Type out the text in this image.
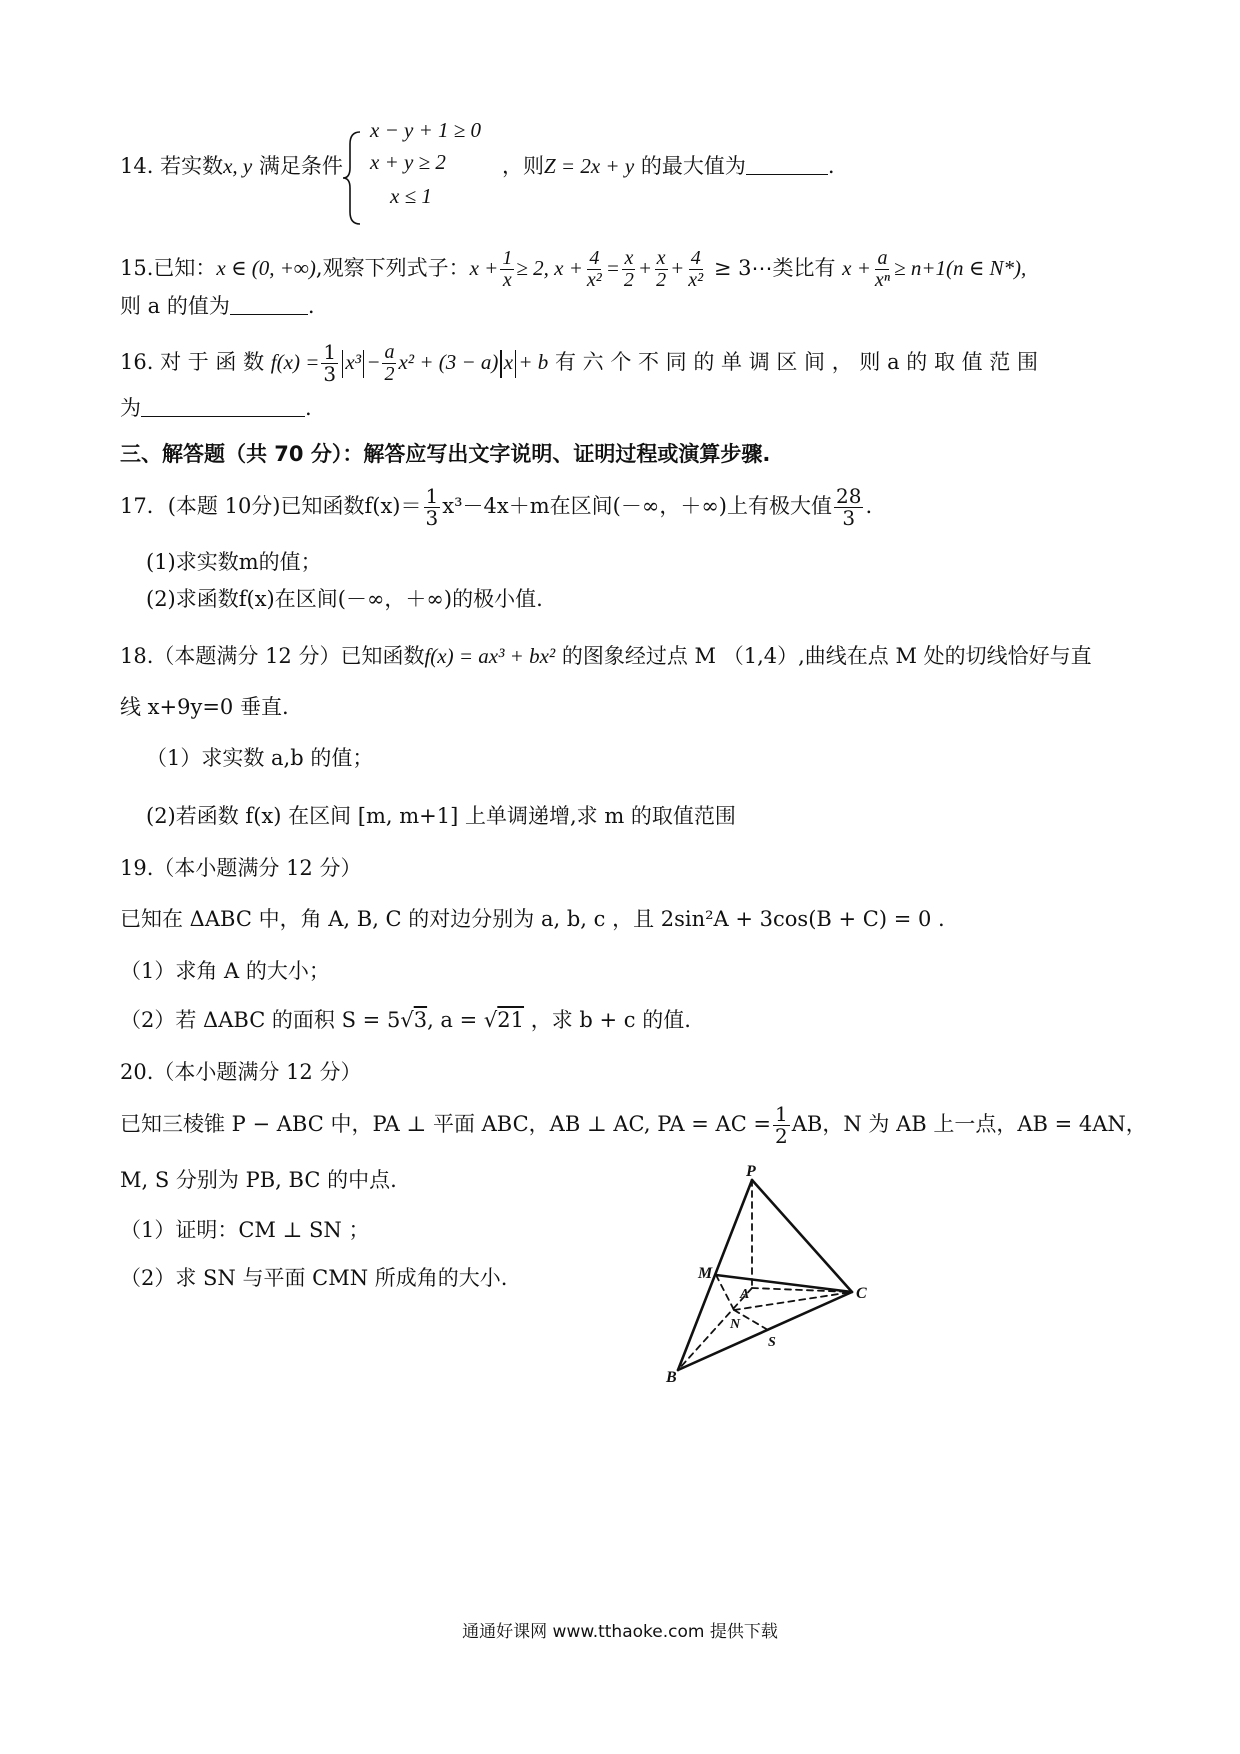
14. 若实数x, y 满足条件
x − y + 1 ≥ 0
x + y ≥ 2
x ≤ 1
，则Z = 2x + y 的最大值为	.
15.已知：x ∈ (0, +∞),观察下列式子：$x + \frac{1}{x} \ge 2$, $x + \frac{4}{\text{x²}} = \frac{x}{2} + \frac{x}{2} + \frac{4}{\text{x²}}$ ≥ 3⋯类比有 $x + \frac{a}{\text{xⁿ}} \ge n+1(n$ ∈ N*),
则 a 的值为	.
16. 对 于 函 数 $f(x) = \frac{1}{3} x^3 - \frac{a}{2} x^2 + (3 - a) x + b$ 有 六 个 不 同 的 单 调 区 间 ， 则 a 的 取 值 范 围
为	.
三、解答题（共 70 分）：解答应写出文字说明、证明过程或演算步骤.
17．(本题 10分)已知函数$f(x)= \frac{1}{3} x^3-4x+m$在区间(－∞，＋∞)上有极大值 $\frac{28}{3}$ .
(1)求实数m的值；
(2)求函数f(x)在区间(－∞，＋∞)的极小值.
18.（本题满分 12 分）已知函数f(x) = ax³ + bx² 的图象经过点 M （1,4）,曲线在点 M 处的切线恰好与直
线 x+9y=0 垂直.
（1）求实数 a,b 的值；
(2)若函数 f(x) 在区间 [m, m+1] 上单调递增,求 m 的取值范围
19.（本小题满分 12 分）
已知在 ΔABC 中，角 A, B, C 的对边分别为 a, b, c ，且 2sin²A + 3cos(B + C) = 0 .
（1）求角 A 的大小；
（2）若 ΔABC 的面积 S = 5√3, a = √21 ，求 b + c 的值.
20.（本小题满分 12 分）
已知三棱锥 P − ABC 中，PA ⊥ 平面 ABC，AB ⊥ AC, PA = AC = $\frac{1}{2}$ AB，N 为 AB 上一点，AB = 4AN，
M, S 分别为 PB, BC 的中点.
（1）证明：CM ⊥ SN ；
（2）求 SN 与平面 CMN 所成角的大小.
P
M
A
N
C
S
B
通通好课网 www.tthaoke.com 提供下载
